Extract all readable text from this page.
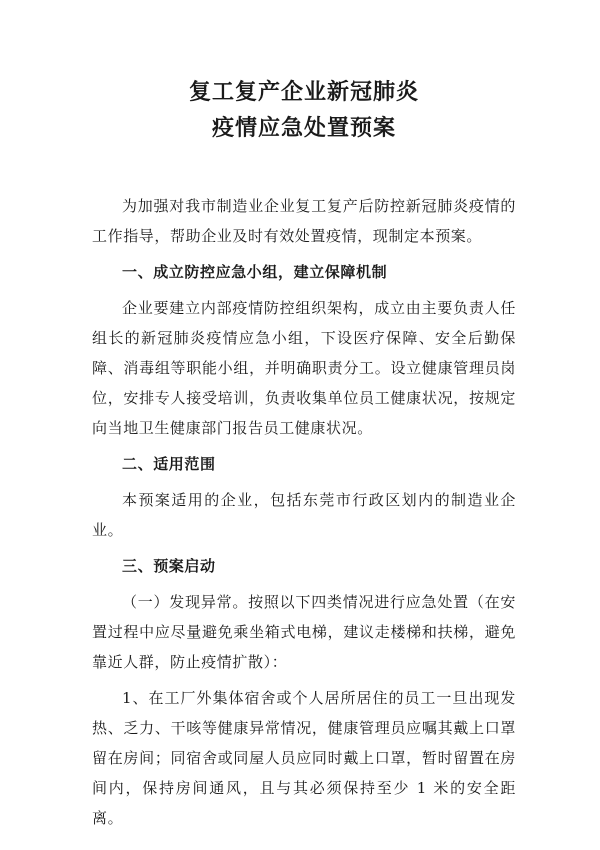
复工复产企业新冠肺炎
疫情应急处置预案

为加强对我市制造业企业复工复产后防控新冠肺炎疫情的工作指导，帮助企业及时有效处置疫情，现制定本预案。

一、成立防控应急小组，建立保障机制

企业要建立内部疫情防控组织架构，成立由主要负责人任组长的新冠肺炎疫情应急小组，下设医疗保障、安全后勤保障、消毒组等职能小组，并明确职责分工。设立健康管理员岗位，安排专人接受培训，负责收集单位员工健康状况，按规定向当地卫生健康部门报告员工健康状况。

二、适用范围

本预案适用的企业，包括东莞市行政区划内的制造业企业。

三、预案启动

（一）发现异常。按照以下四类情况进行应急处置（在安置过程中应尽量避免乘坐箱式电梯，建议走楼梯和扶梯，避免靠近人群，防止疫情扩散）：

1、在工厂外集体宿舍或个人居所居住的员工一旦出现发热、乏力、干咳等健康异常情况，健康管理员应嘱其戴上口罩留在房间；同宿舍或同屋人员应同时戴上口罩，暂时留置在房间内，保持房间通风，且与其必须保持至少 1 米的安全距离。
